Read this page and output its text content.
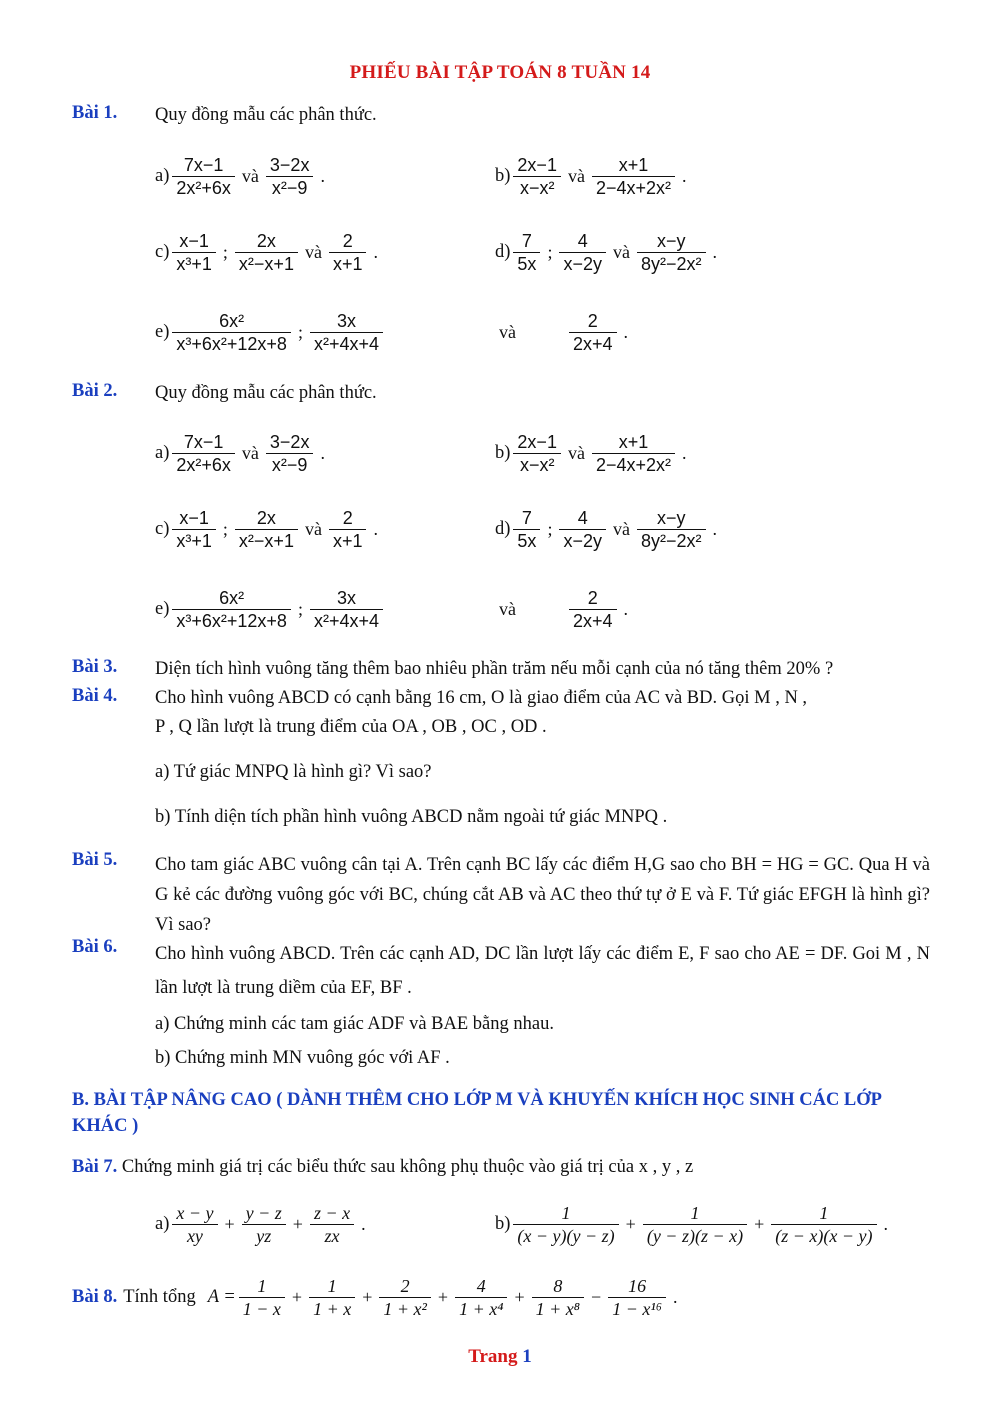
PHIẾU BÀI TẬP TOÁN 8 TUẦN 14
Bài 1. Quy đồng mẫu các phân thức.
$a) \frac{7x-1}{\text{2x²+6x}}$ và $\frac{3-2x}{\text{x²−9}}$ .	$b) \frac{2x-1}{\text{x−x²}}$ và $\frac{x+1}{\text{2−4x+2x²}}$ .
$c) \frac{x-1}{\text{x³+1}}$ ; $\frac{2x}{\text{x²−x+1}}$ và $\frac{2}{x+1}$ .	$d) \frac{7}{5x}$ ; $\frac{4}{x-2y}$ và $\frac{x-y}{\text{8y²−2x²}}$ .
$e) \frac{\text{6x²}}{\text{x³+6x²+12x+8}}$ ; $\frac{3x}{\text{x²+4x+4}}$	và	$\frac{2}{2x+4}$ .
Bài 2. Quy đồng mẫu các phân thức.
$a) \frac{7x-1}{\text{2x²+6x}}$ và $\frac{3-2x}{\text{x²−9}}$ .	$b) \frac{2x-1}{\text{x−x²}}$ và $\frac{x+1}{\text{2−4x+2x²}}$ .
$c) \frac{x-1}{\text{x³+1}}$ ; $\frac{2x}{\text{x²−x+1}}$ và $\frac{2}{x+1}$ .	$d) \frac{7}{5x}$ ; $\frac{4}{x-2y}$ và $\frac{x-y}{\text{8y²−2x²}}$ .
$e) \frac{\text{6x²}}{\text{x³+6x²+12x+8}}$ ; $\frac{3x}{\text{x²+4x+4}}$	và	$\frac{2}{2x+4}$ .
Bài 3. Diện tích hình vuông tăng thêm bao nhiêu phần trăm nếu mỗi cạnh của nó tăng thêm 20% ?
Bài 4. Cho hình vuông ABCD có cạnh bằng 16 cm, O là giao điểm của AC và BD. Gọi M , N ,
P , Q lần lượt là trung điểm của OA , OB , OC , OD .
a) Tứ giác MNPQ là hình gì? Vì sao?
b) Tính diện tích phần hình vuông ABCD nằm ngoài tứ giác MNPQ .
Bài 5. Cho tam giác ABC vuông cân tại A. Trên cạnh BC lấy các điểm H,G sao cho BH = HG = GC. Qua H và G kẻ các đường vuông góc với BC, chúng cắt AB và AC theo thứ tự ở E và F. Tứ giác EFGH là hình gì? Vì sao?
Bài 6. Cho hình vuông ABCD. Trên các cạnh AD, DC lần lượt lấy các điểm E, F sao cho AE = DF. Goi M , N lần lượt là trung diềm của EF, BF .
a) Chứng minh các tam giác ADF và BAE bằng nhau.
b) Chứng minh MN vuông góc với AF .
B. BÀI TẬP NÂNG CAO ( DÀNH THÊM CHO LỚP M VÀ KHUYẾN KHÍCH HỌC SINH CÁC LỚP KHÁC )
Bài 7. Chứng minh giá trị các biểu thức sau không phụ thuộc vào giá trị của x , y , z
$a) \frac{x - y}{xy} + \frac{y - z}{yz} + \frac{z - x}{zx}$ .	$b) \frac{1}{(x - y)(y - z)} + \frac{1}{(y - z)(z - x)} + \frac{1}{(z - x)(x - y)}$ .
Bài 8. Tính tổng $A = \frac{1}{1 - x} + \frac{1}{1 + x} + \frac{2}{\text{1 + x²}} + \frac{4}{\text{1 + x⁴}} + \frac{8}{\text{1 + x⁸}} - \frac{16}{\text{1 − x¹⁶}}$ .
Trang 1
